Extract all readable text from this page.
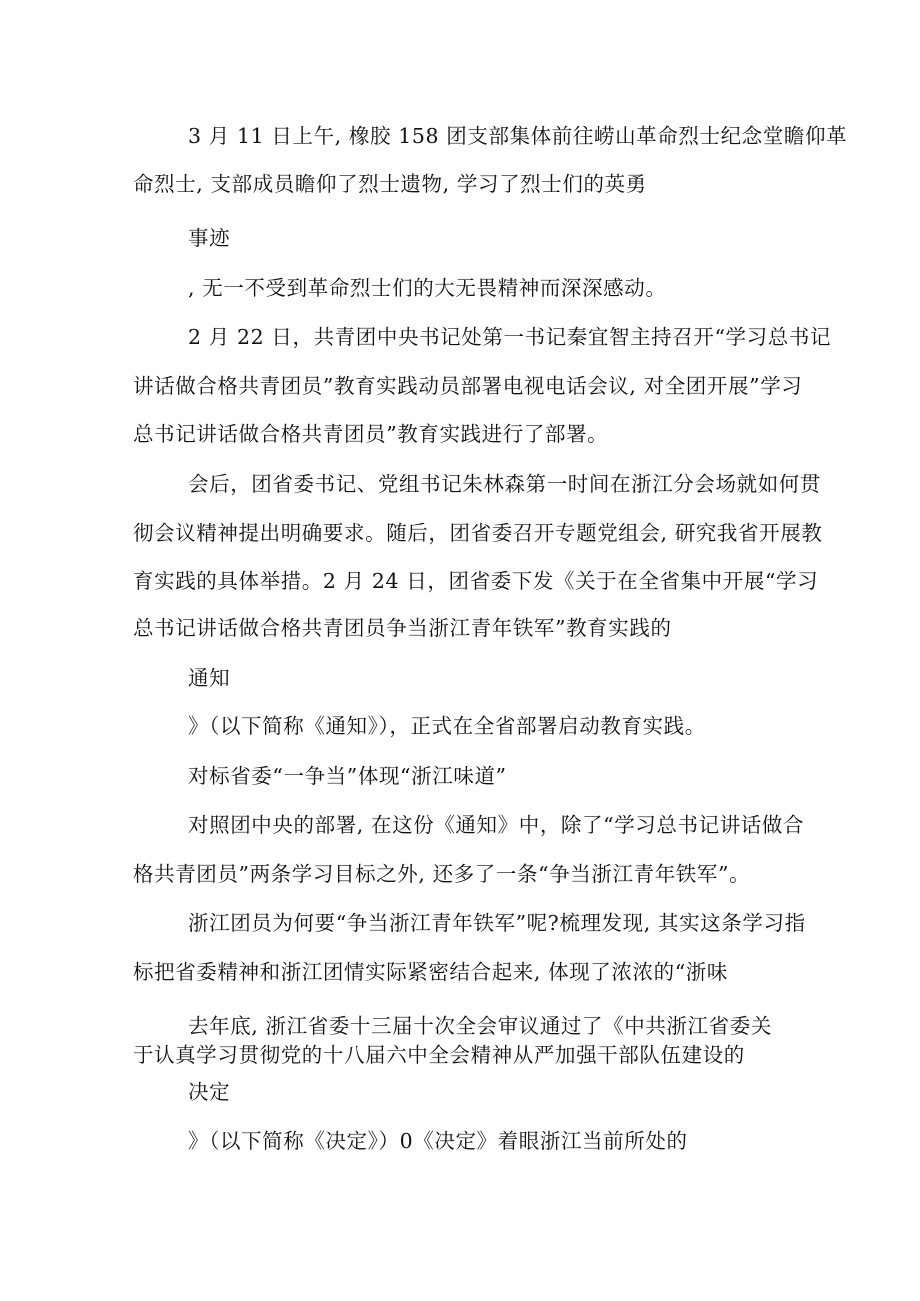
3 月 11 日上午, 橡胶 158 团支部集体前往崂山革命烈士纪念堂瞻仰革
命烈士, 支部成员瞻仰了烈士遗物, 学习了烈士们的英勇
事迹
, 无一不受到革命烈士们的大无畏精神而深深感动。
2 月 22 日，共青团中央书记处第一书记秦宜智主持召开“学习总书记
讲话做合格共青团员”教育实践动员部署电视电话会议, 对全团开展”学习
总书记讲话做合格共青团员”教育实践进行了部署。
会后，团省委书记、党组书记朱林森第一时间在浙江分会场就如何贯
彻会议精神提出明确要求。随后，团省委召开专题党组会, 研究我省开展教
育实践的具体举措。2 月 24 日，团省委下发《关于在全省集中开展“学习
总书记讲话做合格共青团员争当浙江青年铁军”教育实践的
通知
》（以下简称《通知》），正式在全省部署启动教育实践。
对标省委“一争当”体现“浙江味道”
对照团中央的部署, 在这份《通知》中，除了“学习总书记讲话做合
格共青团员”两条学习目标之外, 还多了一条“争当浙江青年铁军”。
浙江团员为何要“争当浙江青年铁军”呢?梳理发现, 其实这条学习指
标把省委精神和浙江团情实际紧密结合起来, 体现了浓浓的“浙味
去年底, 浙江省委十三届十次全会审议通过了《中共浙江省委关
于认真学习贯彻党的十八届六中全会精神从严加强干部队伍建设的
决定
》（以下简称《决定》）0《决定》着眼浙江当前所处的
